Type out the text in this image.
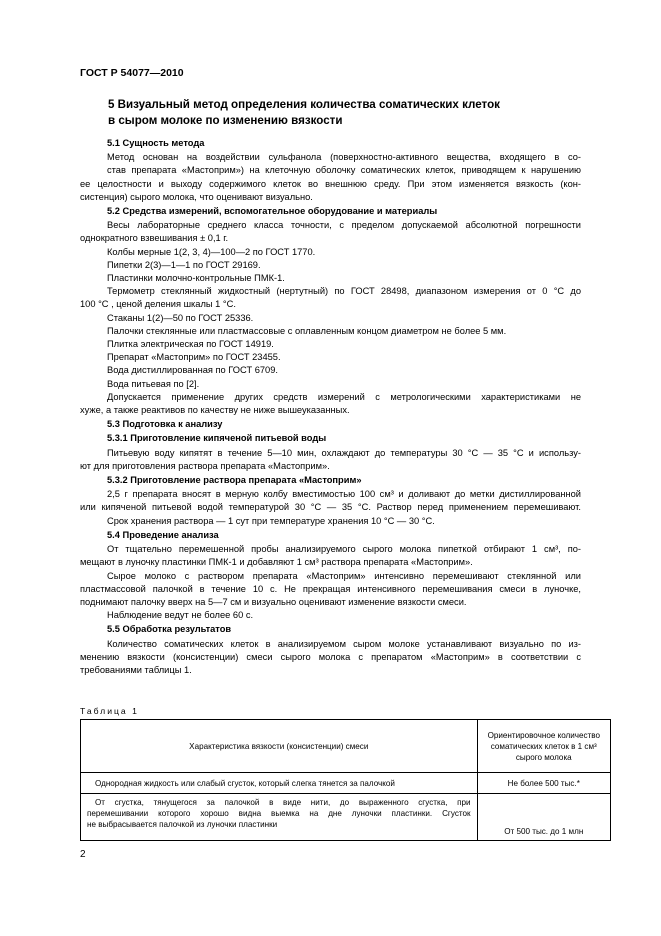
ГОСТ Р 54077—2010
5 Визуальный метод определения количества соматических клеток
в сыром молоке по изменению вязкости
5.1 Сущность метода

Метод основан на воздействии сульфанола (поверхностно-активного вещества, входящего в со-
став препарата «Мастоприм») на клеточную оболочку соматических клеток, приводящем к нарушению
ее целостности и выходу содержимого клеток во внешнюю среду. При этом изменяется вязкость (кон-
систенция) сырого молока, что оценивают визуально.

5.2 Средства измерений, вспомогательное оборудование и материалы
Весы лабораторные среднего класса точности, с пределом допускаемой абсолютной погрешности
однократного взвешивания ± 0,1 г.
Колбы мерные 1(2, 3, 4)—100—2 по ГОСТ 1770.
Пипетки 2(3)—1—1 по ГОСТ 29169.
Пластинки молочно-контрольные ПМК-1.
Термометр стеклянный жидкостный (нертутный) по ГОСТ 28498, диапазоном измерения от 0 °С до
100 °С , ценой деления шкалы 1 °С.
Стаканы 1(2)—50 по ГОСТ 25336.
Палочки стеклянные или пластмассовые с оплавленным концом диаметром не более 5 мм.
Плитка электрическая по ГОСТ 14919.
Препарат «Мастоприм» по ГОСТ 23455.
Вода дистиллированная по ГОСТ 6709.
Вода питьевая по [2].
Допускается применение других средств измерений с метрологическими характеристиками не
хуже, а также реактивов по качеству не ниже вышеуказанных.
5.3 Подготовка к анализу
5.3.1 Приготовление кипяченой питьевой воды
Питьевую воду кипятят в течение 5—10 мин, охлаждают до температуры 30 °С — 35 °С и использу-
ют для приготовления раствора препарата «Мастоприм».
5.3.2 Приготовление раствора препарата «Мастоприм»
2,5 г препарата вносят в мерную колбу вместимостью 100 см³ и доливают до метки дистиллированной
или кипяченой питьевой водой температурой 30 °С — 35 °С. Раствор перед применением перемешивают.
Срок хранения раствора — 1 сут при температуре хранения 10 °С — 30 °С.
5.4 Проведение анализа
От тщательно перемешенной пробы анализируемого сырого молока пипеткой отбирают 1 см³, по-
мещают в луночку пластинки ПМК-1 и добавляют 1 см³ раствора препарата «Мастоприм».
Сырое молоко с раствором препарата «Мастоприм» интенсивно перемешивают стеклянной или
пластмассовой палочкой в течение 10 с. Не прекращая интенсивного перемешивания смеси в луночке,
поднимают палочку вверх на 5—7 см и визуально оценивают изменение вязкости смеси.
Наблюдение ведут не более 60 с.
5.5 Обработка результатов
Количество соматических клеток в анализируемом сыром молоке устанавливают визуально по из-
менению вязкости (консистенции) смеси сырого молока с препаратом «Мастоприм» в соответствии с
требованиями таблицы 1.
Таблица 1
Характеристика вязкости (консистенции) смеси	Ориентировочное количество
соматических клеток в 1 см³
сырого молока

Однородная жидкость или слабый сгусток, который слегка тянется за палочкой	Не более 500 тыс.*

От сгустка, тянущегося за палочкой в виде нити, до выраженного сгустка, при
перемешивании которого хорошо видна выемка на дне луночки пластинки. Сгусток
не выбрасывается палочкой из луночки пластинки	От 500 тыс. до 1 млн
2
